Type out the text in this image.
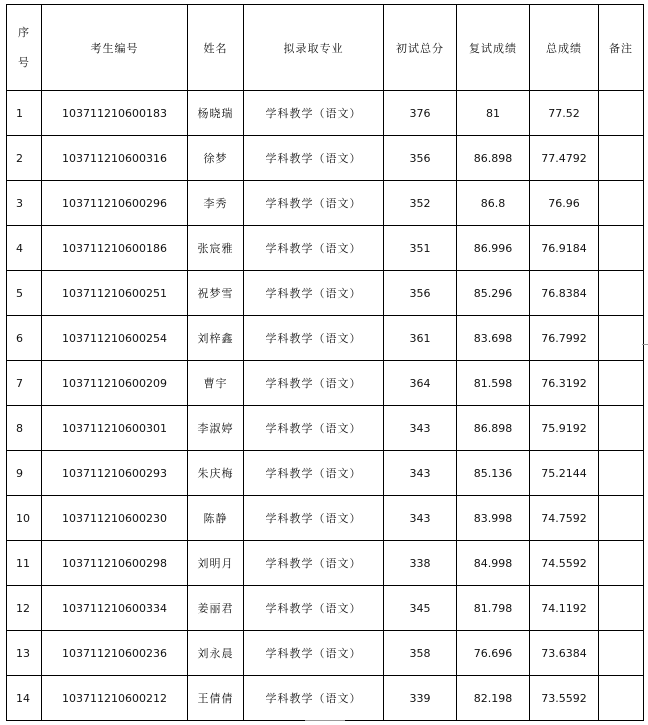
序
号	考生编号	姓名	拟录取专业	初试总分	复试成绩	总成绩	备注
1	103711210600183	杨晓瑞	学科教学（语文）	376	81	77.52	
2	103711210600316	徐梦	学科教学（语文）	356	86.898	77.4792	
3	103711210600296	李秀	学科教学（语文）	352	86.8	76.96	
4	103711210600186	张宸雅	学科教学（语文）	351	86.996	76.9184	
5	103711210600251	祝梦雪	学科教学（语文）	356	85.296	76.8384	
6	103711210600254	刘梓鑫	学科教学（语文）	361	83.698	76.7992	
7	103711210600209	曹宇	学科教学（语文）	364	81.598	76.3192	
8	103711210600301	李淑婷	学科教学（语文）	343	86.898	75.9192	
9	103711210600293	朱庆梅	学科教学（语文）	343	85.136	75.2144	
10	103711210600230	陈静	学科教学（语文）	343	83.998	74.7592	
11	103711210600298	刘明月	学科教学（语文）	338	84.998	74.5592	
12	103711210600334	姜丽君	学科教学（语文）	345	81.798	74.1192	
13	103711210600236	刘永晨	学科教学（语文）	358	76.696	73.6384	
14	103711210600212	王倩倩	学科教学（语文）	339	82.198	73.5592	
